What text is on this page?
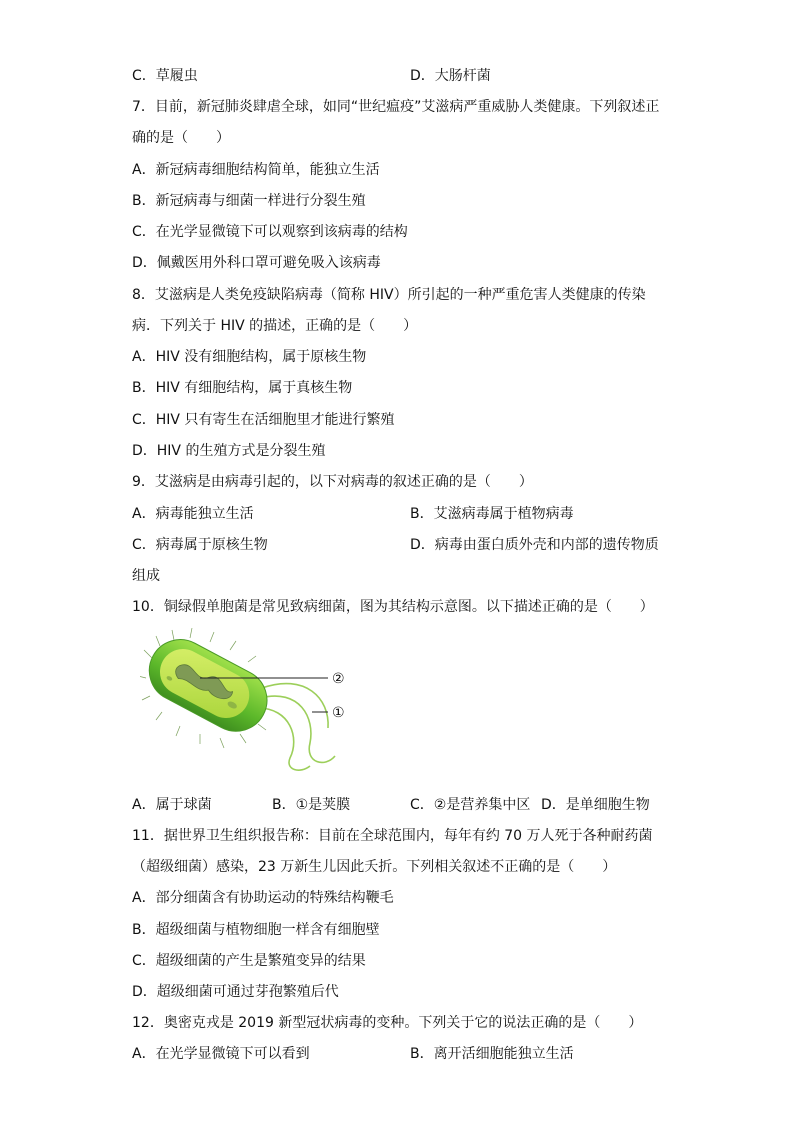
C．草履虫	D．大肠杆菌
7．目前，新冠肺炎肆虐全球，如同“世纪瘟疫”艾滋病严重威胁人类健康。下列叙述正
确的是（　　）
A．新冠病毒细胞结构简单，能独立生活
B．新冠病毒与细菌一样进行分裂生殖
C．在光学显微镜下可以观察到该病毒的结构
D．佩戴医用外科口罩可避免吸入该病毒
8．艾滋病是人类免疫缺陷病毒（简称 HIV）所引起的一种严重危害人类健康的传染
病．下列关于 HIV 的描述，正确的是（　　）
A．HIV 没有细胞结构，属于原核生物
B．HIV 有细胞结构，属于真核生物
C．HIV 只有寄生在活细胞里才能进行繁殖
D．HIV 的生殖方式是分裂生殖
9．艾滋病是由病毒引起的，以下对病毒的叙述正确的是（　　）
A．病毒能独立生活	B．艾滋病毒属于植物病毒
C．病毒属于原核生物	D．病毒由蛋白质外壳和内部的遗传物质
组成
10．铜绿假单胞菌是常见致病细菌，图为其结构示意图。以下描述正确的是（　　）
②
①
A．属于球菌	B．①是荚膜	C．②是营养集中区 D．是单细胞生物
11．据世界卫生组织报告称：目前在全球范围内，每年有约 70 万人死于各种耐药菌
（超级细菌）感染，23 万新生儿因此夭折。下列相关叙述不正确的是（　　）
A．部分细菌含有协助运动的特殊结构鞭毛
B．超级细菌与植物细胞一样含有细胞壁
C．超级细菌的产生是繁殖变异的结果
D．超级细菌可通过芽孢繁殖后代
12．奥密克戎是 2019 新型冠状病毒的变种。下列关于它的说法正确的是（　　）
A．在光学显微镜下可以看到	B．离开活细胞能独立生活
